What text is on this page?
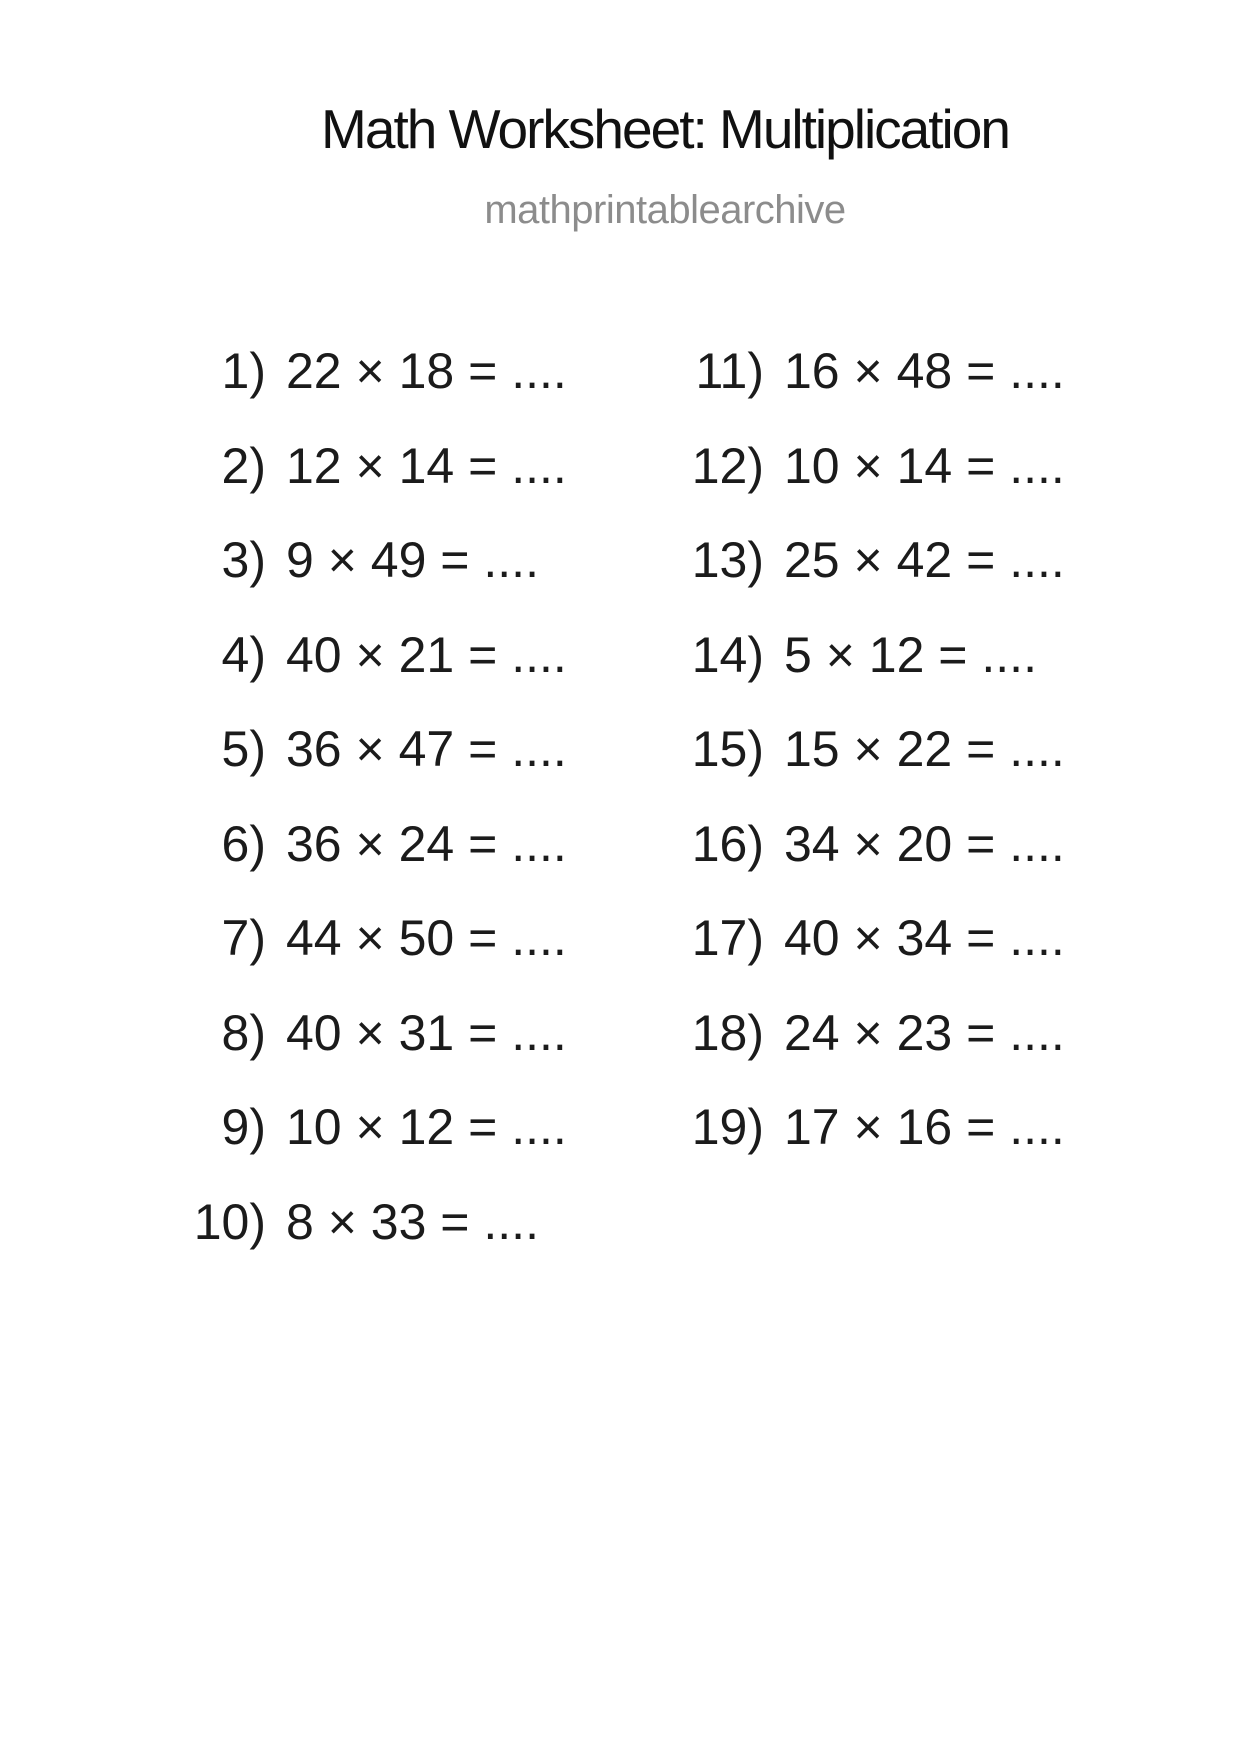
Math Worksheet: Multiplication
mathprintablearchive
1) 22 × 18 = ....
2) 12 × 14 = ....
3) 9 × 49 = ....
4) 40 × 21 = ....
5) 36 × 47 = ....
6) 36 × 24 = ....
7) 44 × 50 = ....
8) 40 × 31 = ....
9) 10 × 12 = ....
10) 8 × 33 = ....
11) 16 × 48 = ....
12) 10 × 14 = ....
13) 25 × 42 = ....
14) 5 × 12 = ....
15) 15 × 22 = ....
16) 34 × 20 = ....
17) 40 × 34 = ....
18) 24 × 23 = ....
19) 17 × 16 = ....
